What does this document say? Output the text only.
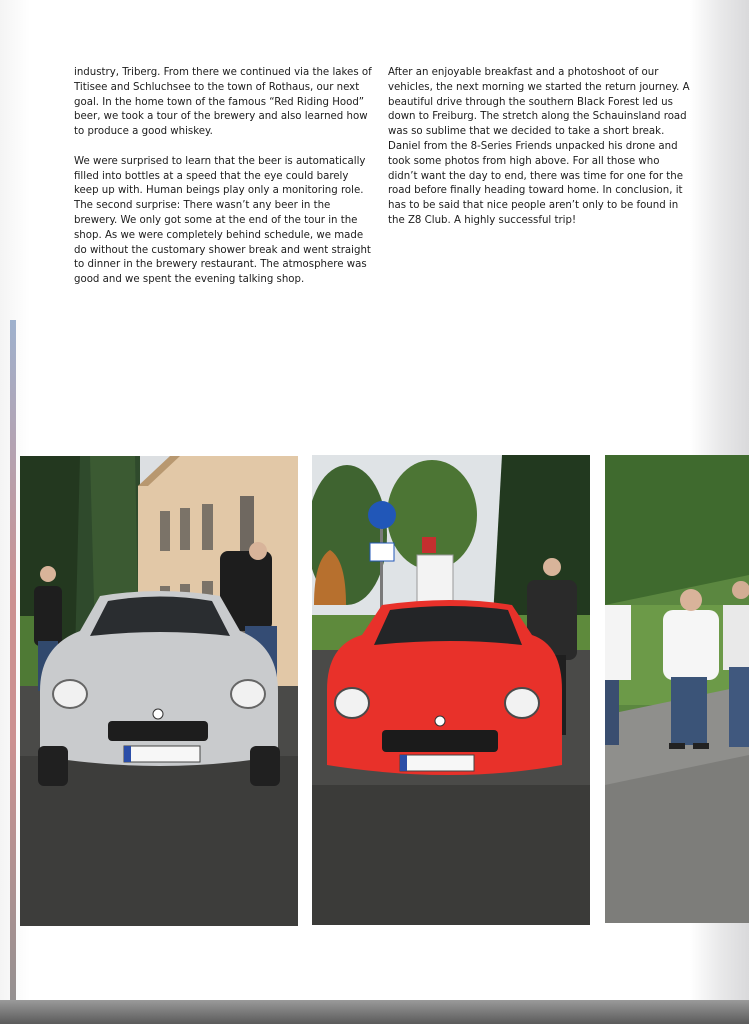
industry, Triberg. From there we continued via the lakes of Titisee and Schluchsee to the town of Rothaus, our next goal. In the home town of the famous “Red Riding Hood” beer, we took a tour of the brewery and also learned how to produce a good whiskey.

We were surprised to learn that the beer is automatically filled into bottles at a speed that the eye could barely keep up with. Human beings play only a monitoring role. The second surprise: There wasn’t any beer in the brewery. We only got some at the end of the tour in the shop. As we were completely behind schedule, we made do without the customary shower break and went straight to dinner in the brewery restaurant. The atmosphere was good and we spent the evening talking shop.

After an enjoyable breakfast and a photoshoot of our vehicles, the next morning we started the return journey. A beautiful drive through the southern Black Forest led us down to Freiburg. The stretch along the Schauinsland road was so sublime that we decided to take a short break. Daniel from the 8-Series Friends unpacked his drone and took some photos from high above. For all those who didn’t want the day to end, there was time for one for the road before finally heading toward home. In conclusion, it has to be said that nice people aren’t only to be found in the Z8 Club. A highly successful trip!
